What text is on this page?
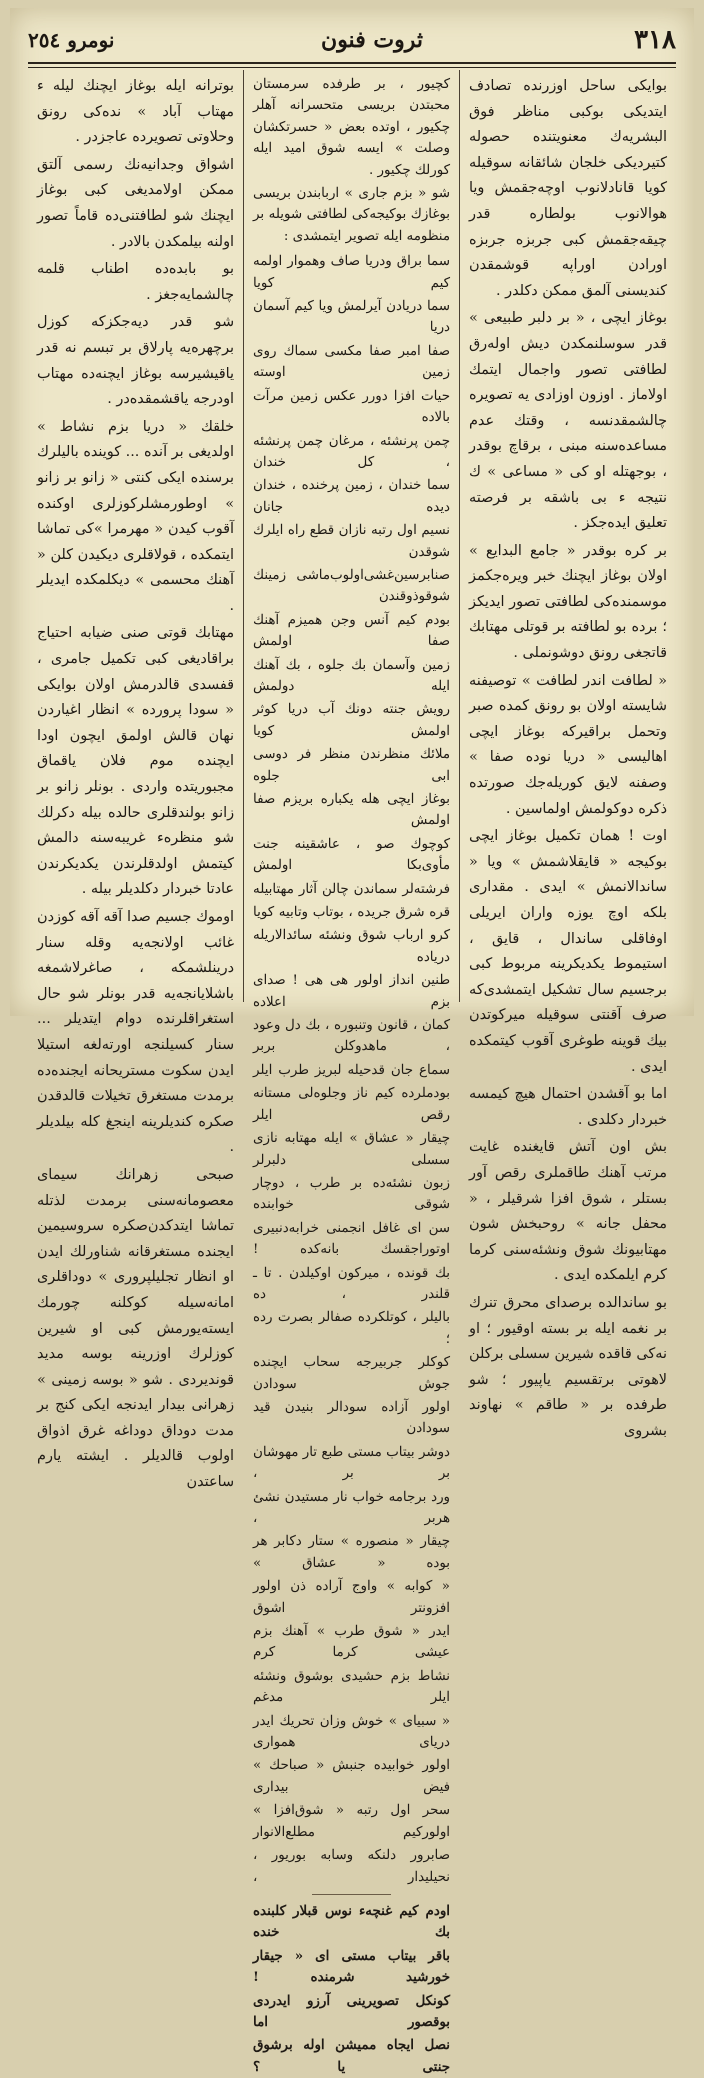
٣١٨
ثروت فنون
نومرو ٢٥٤

بوایكی ساحل اوزرنده تصادف ایتدیکی بوکبی مناظر فوق البشریه‌ك معنویتنده حصوله كتیردیکی خلجان شائقانه سوقیله کویا قانادلانوب اوچه‌جقمش ویا هوالانوب بولطاره قدر چیقه‌جقمش کبی جربزه جربزه اورادن اوراپه قوشمقدن كندیسنی آلمق ممکن دکلدر .

بوغاز ایچی ، « بر دلبر طبیعی » قدر سوسلنمكدن دیش اوله‌رق لطافتی تصور واجمال ایتمك اولاماز . اوزون اوزادی یه تصویره چالشمقدنسه ، وقتك عدم مساعده‌سنه مبنی ، برقاچ بوقدر ، بوجهتله او كی « مساعی » ك نتیجه ء بی باشقه بر فرصته تعلیق ایده‌جکز .

بر كره بوقدر « جامع البدایع » اولان بوغاز ایچنك خبر ویره‌جکمز موسمنده‌کی لطافتی تصور ایدیکز ؛ برده بو لطافته بر قوتلی مهتابك قاتجغی رونق دوشونملی .

« لطافت اندر لطافت » توصیفنه شایسته اولان بو رونق کمده صبر وتحمل براقیرکه بوغاز ایچی اهالیسی « دریا نوده صفا » وصفنه لایق کوریله‌جك صورتده ذکره دوکولمش اولماسین .

اوت ! همان تکمیل بوغاز ایچی بوکیجه « قایقلاشمش » ویا « ساندالانمش » ایدی . مقداری بلکه اوچ یوزه واران ایریلی اوفاقلی ساندال ، قایق ، استیموط یکدیکرینه مربوط کبی برجسیم سال تشکیل ایتمشدی‌که صرف آقنتی سوقیله میرکوتدن بیك قوینه طوغری آقوب کیتمکده ایدی .

اما بو آقشدن احتمال هیچ کیمسه خبردار دکلدی .

بش اون آتش قایغنده غایت مرتب آهنك طاقملری رقص آور بستلر ، شوق افزا شرقیلر ، « محفل جانه » روحبخش شون مهتابیونك شوق ونشئه‌سنی کرما کرم ایلمکده ایدی .

بو ساندالده برصدای محرق تنرك بر نغمه ایله بر بسته اوقیور ؛ او نه‌کی قاقده شیرین سسلی برکلن لاهوتی برتقسیم یاپیور ؛ شو طرفده بر « طاقم » نهاوند بشروی

کچیور ، بر طرفده سرمستان محبتدن بریسی متحسرانه آهلر چکیور ، اوتده بعض « حسرتکشان وصلت » ایسه شوق امید ایله کورلك چکیور .

شو « بزم جاری » اربابندن بریسی بوغازك بوکیجه‌کی لطافتی شویله بر منظومه ایله تصویر ایتمشدی :

سما براق ودریا صاف وهموار اولمه کیم کویا

سما دریادن آیرلمش ویا کیم آسمان دریا

صفا امبر صفا مکسی سماك روی زمین اوسته

حیات افزا دورر عکس زمین مرآت بالاده

چمن پرنشئه ، مرغان چمن پرنشئه ، کل خندان

سما خندان ، زمین پرخنده ، خندان دیده جانان

نسیم اول رتبه نازان قطع راه ایلرك شوقدن

صنابرسین‌غشی‌اولوب‌ماشی زمینك شوقوذوقندن

بودم کیم آنس وجن همیزم آهنك صفا اولمش

زمین وآسمان بك جلوه ، بك آهنك ایله دولمش

رویش جنته دونك آب دریا کوثر اولمش کویا

ملائك منظرندن منظر فر دوسی ابی جلوه

بوغاز ایچی هله یکباره بریزم صفا اولمش

کوچوك صو ، عاشقینه جنت مأوی‌بکا اولمش

فرشته‌لر سماندن چالن آثار مهتابیله

قره شرق جریده ، بوتاب وتابیه کویا

کرو ارباب شوق ونشئه سائدالاریله دریاده

طنین انداز اولور هی هی ! صدای بزم اعلاده

کمان ، قانون وتنبوره ، بك دل وعود ، ماهدوکلن بربر

سماع جان قدحیله لبریز طرب ایلر

بودملرده کیم ناز وجلوه‌لی مستانه رقص ایلر

چیقار « عشاق » ایله مهتابه نازی سسلی دلبرلر

زبون نشئه‌ده بر طرب ، دوچار شوقی خوابنده

سن ای غافل انجمنی خرابه‌دنبیری اوتوراجقسك بانه‌کده !

بك قونده ، میرکون اوکیلدن . تا ـ قلندر ، ده

بالیلر ، کوتلکرده صفالر بصرت رده ؛

کوکلر جربیرجه سحاب ایچنده جوش سودادن

اولور آزاده سودالر بنیدن قید سودادن

دوشر بیتاب مستی طبع تار مهوشان بر بر ،

ورد برجامه خواب نار مستیدن نشئ هربر ،

چیقار « منصوره » ستار دکابر هر بوده « عشاق »

« کوابه » واوج آراده ذن اولور افزونتر اشوق

ایدر « شوق طرب » آهنك بزم عیشی کرما کرم

نشاط بزم حشیدی بوشوق ونشئه ایلر مدغم

« سبیای » خوش وزان تحریك ایدر دریای همواری

اولور خوابیده جنبش « صباحك » فیض بیداری

سحر اول رتبه « شوق‌افزا » اولورکیم مطلع‌الانوار

صابرور دلنکه وسابه بوریور ، نحیلیدار ،

اودم کیم غنچهء نوس قبلار کلبنده بك خنده

باقر بیتاب مستی ای « جیقار خورشید شرمنده !

کونکل تصویرینی آرزو ایدردی بوقصور اما

نصل ایجاه ممیشن اوله برشوق جنتی یا ؟

بوترانه ایله بوغاز ایچنك لیله ء مهتاب آباد » نده‌کی رونق وحلاوتی تصویرده عاجزدر .

اشواق وجدانیه‌نك رسمی آلتق ممکن اولامدیغی کبی بوغاز ایچنك شو لطافتنی‌ده قاماً تصور اولنه بیلمکدن بالادر .

بو بابده‌ده اطناب قلمه چالشمایه‌جغز .

شو قدر دیه‌جکزکه کوزل برچهره‌یه پارلاق بر تبسم نه قدر یاقیشیرسه بوغاز ایچنه‌ده مهتاب اودرجه یاقشمقده‌در .

خلقك « دریا بزم نشاط » اولدیغی بر آنده ... کوینده بالیلرك برسنده ایکی کنتی « زانو بر زانو » اوطورمشلرکوزلری اوکنده آقوب کیدن « مهرمرا »‌کی تماشا ایتمکده ، قولاقلری دیکیدن کلن « آهنك محسمی » دیکلمکده ایدیلر .

مهتابك قوتی صنی ضیابه احتیاج براقادیغی کبی تکمیل جامری ، قفسدی قالدرمش اولان بوایکی « سودا پرورده » انظار اغیاردن نهان قالش اولمق ایچون اودا ایچنده موم فلان یاقماق مجبوریتده واردی . بونلر زانو بر زانو بولندقلری حالده بیله دکرلك شو منظرهء غریبه‌سنه دالمش کیتمش اولدقلرندن یکدیکرندن عادتا خبردار دکلدیلر بیله .

اوموك جسیم صدا آقه آقه کوزدن غائب اولانجه‌یه وقله سنار درینلشمکه ، صاغرلاشمغه باشلایانجه‌یه قدر بونلر شو حال استغراقلرنده دوام ایتدیلر ... سنار کسیلنجه اورته‌لغه استیلا ایدن سکوت مستریحانه ایجنده‌ده برمدت مستغرق تخیلات قالدقدن صکره کندیلرینه اینجغ کله بیلدیلر .

صبحی زهرانك سیمای معصومانه‌سنی برمدت لذتله تماشا ایتدکدن‌صکره سروسیمین ایجنده مستغرقانه شناورلك ایدن او انظار تجلیلپروری » دوداقلری امانه‌سیله کوکلنه چورمك ایسته‌یورمش کبی او شیرین کوزلرك اوزرینه بوسه مدید قوندیردی . شو « بوسه زمینی » زهرانی بیدار ایدنجه ایکی کنج بر مدت دوداق دوداغه غرق اذواق اولوب قالدیلر . ایشته یارم ساعتدن
